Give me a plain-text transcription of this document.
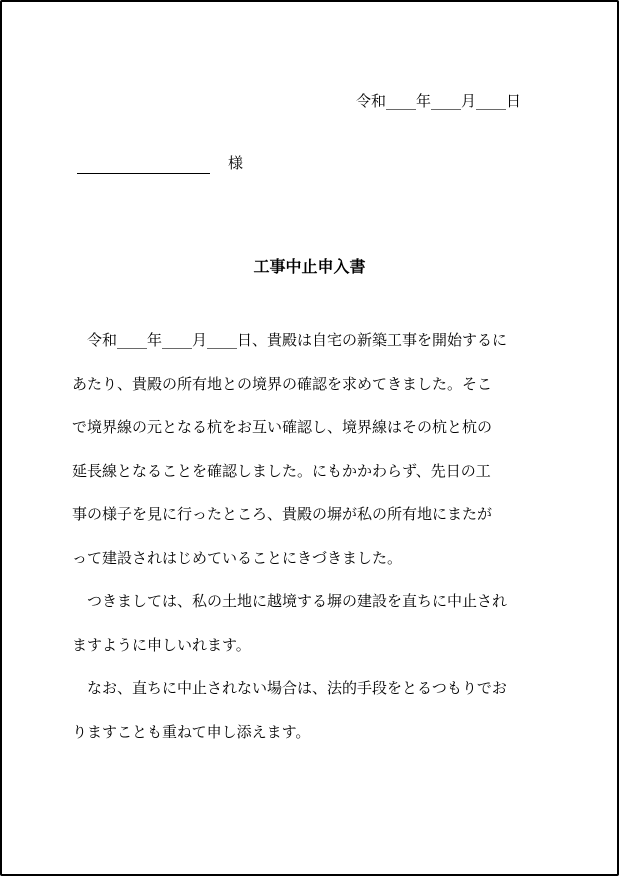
令和____年____月____日
様
工事中止申入書

　令和____年____月____日、貴殿は自宅の新築工事を開始するに

あたり、貴殿の所有地との境界の確認を求めてきました。そこ

で境界線の元となる杭をお互い確認し、境界線はその杭と杭の

延長線となることを確認しました。にもかかわらず、先日の工

事の様子を見に行ったところ、貴殿の塀が私の所有地にまたが

って建設されはじめていることにきづきました。

　つきましては、私の土地に越境する塀の建設を直ちに中止され

ますように申しいれます。

　なお、直ちに中止されない場合は、法的手段をとるつもりでお

りますことも重ねて申し添えます。
